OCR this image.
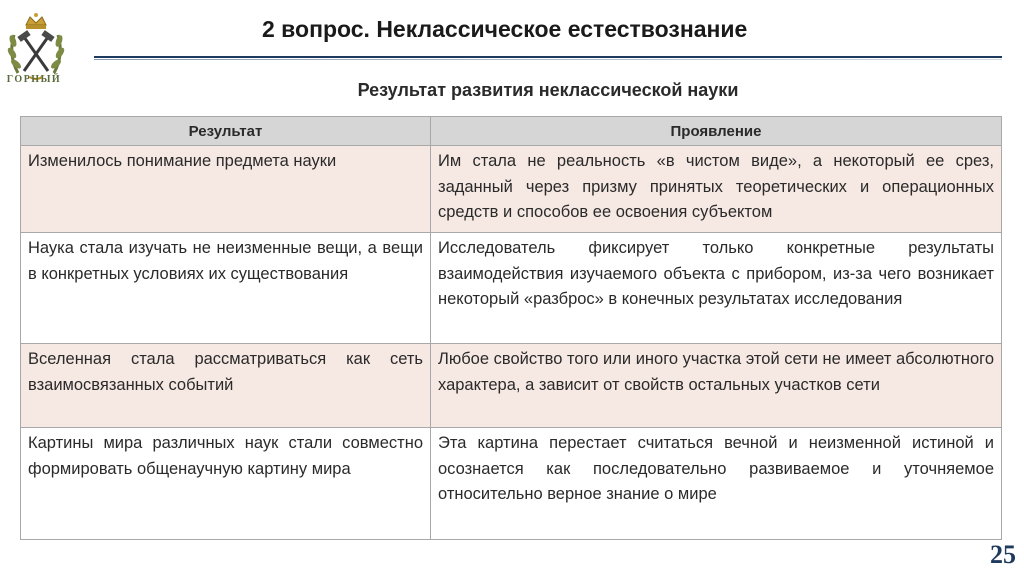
ГОРНЫЙ
2 вопрос. Неклассическое естествознание
Результат развития неклассической науки
Результат	Проявление
Изменилось понимание предмета науки	Им стала не реальность «в чистом виде», а некоторый ее срез, заданный через призму принятых теоретических и операционных средств и способов ее освоения субъектом
Наука стала изучать не неизменные вещи, а вещи в конкретных условиях их существования	Исследователь фиксирует только конкретные результаты взаимодействия изучаемого объекта с прибором, из-за чего возникает некоторый «разброс» в конечных результатах исследования
Вселенная стала рассматриваться как сеть взаимосвязанных событий	Любое свойство того или иного участка этой сети не имеет абсолютного характера, а зависит от свойств остальных участков сети
Картины мира различных наук стали совместно формировать общенаучную картину мира	Эта картина перестает считаться вечной и неизменной истиной и осознается как последовательно развиваемое и уточняемое относительно верное знание о мире
25
